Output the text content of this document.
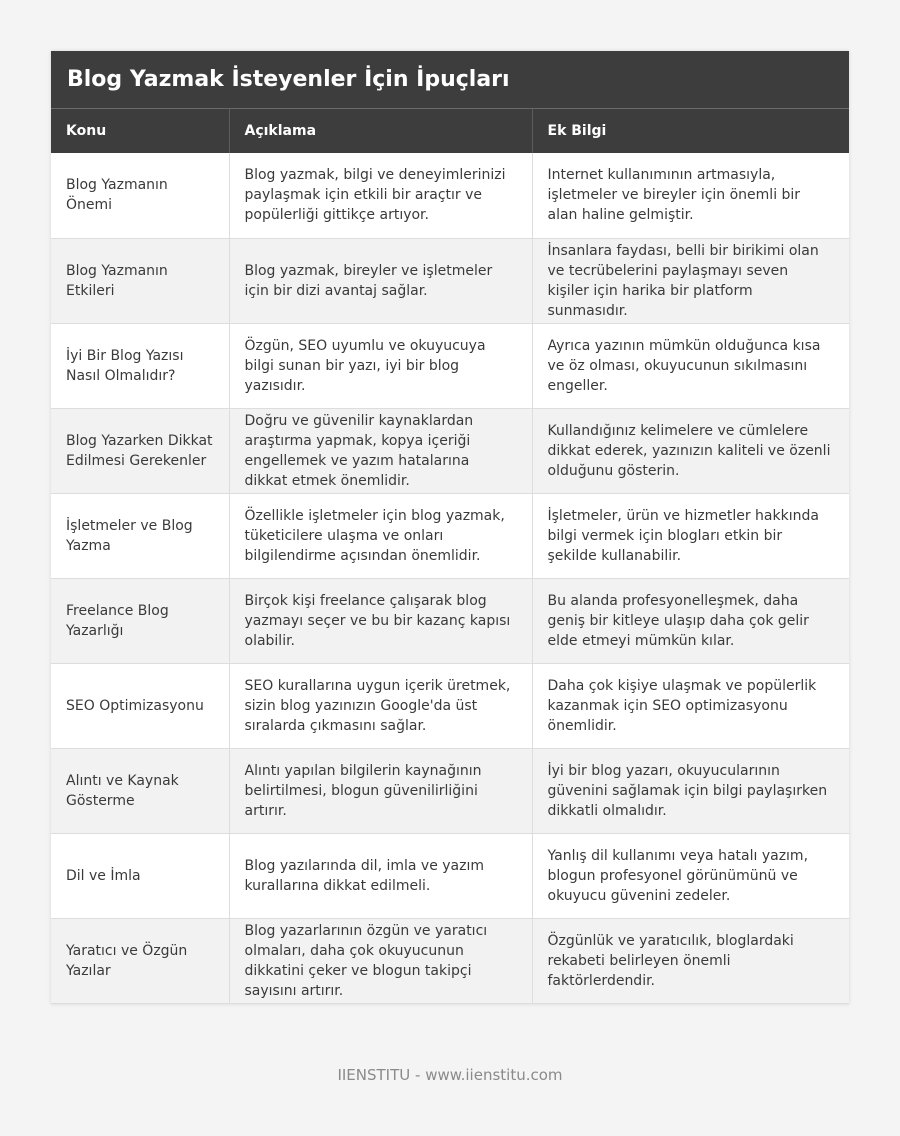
Blog Yazmak İsteyenler İçin İpuçları
Konu	Açıklama	Ek Bilgi
Blog Yazmanın Önemi	Blog yazmak, bilgi ve deneyimlerinizi paylaşmak için etkili bir araçtır ve popülerliği gittikçe artıyor.	Internet kullanımının artmasıyla, işletmeler ve bireyler için önemli bir alan haline gelmiştir.
Blog Yazmanın Etkileri	Blog yazmak, bireyler ve işletmeler için bir dizi avantaj sağlar.	İnsanlara faydası, belli bir birikimi olan ve tecrübelerini paylaşmayı seven kişiler için harika bir platform sunmasıdır.
İyi Bir Blog Yazısı Nasıl Olmalıdır?	Özgün, SEO uyumlu ve okuyucuya bilgi sunan bir yazı, iyi bir blog yazısıdır.	Ayrıca yazının mümkün olduğunca kısa ve öz olması, okuyucunun sıkılmasını engeller.
Blog Yazarken Dikkat Edilmesi Gerekenler	Doğru ve güvenilir kaynaklardan araştırma yapmak, kopya içeriği engellemek ve yazım hatalarına dikkat etmek önemlidir.	Kullandığınız kelimelere ve cümlelere dikkat ederek, yazınızın kaliteli ve özenli olduğunu gösterin.
İşletmeler ve Blog Yazma	Özellikle işletmeler için blog yazmak, tüketicilere ulaşma ve onları bilgilendirme açısından önemlidir.	İşletmeler, ürün ve hizmetler hakkında bilgi vermek için blogları etkin bir şekilde kullanabilir.
Freelance Blog Yazarlığı	Birçok kişi freelance çalışarak blog yazmayı seçer ve bu bir kazanç kapısı olabilir.	Bu alanda profesyonelleşmek, daha geniş bir kitleye ulaşıp daha çok gelir elde etmeyi mümkün kılar.
SEO Optimizasyonu	SEO kurallarına uygun içerik üretmek, sizin blog yazınızın Google'da üst sıralarda çıkmasını sağlar.	Daha çok kişiye ulaşmak ve popülerlik kazanmak için SEO optimizasyonu önemlidir.
Alıntı ve Kaynak Gösterme	Alıntı yapılan bilgilerin kaynağının belirtilmesi, blogun güvenilirliğini artırır.	İyi bir blog yazarı, okuyucularının güvenini sağlamak için bilgi paylaşırken dikkatli olmalıdır.
Dil ve İmla	Blog yazılarında dil, imla ve yazım kurallarına dikkat edilmeli.	Yanlış dil kullanımı veya hatalı yazım, blogun profesyonel görünümünü ve okuyucu güvenini zedeler.
Yaratıcı ve Özgün Yazılar	Blog yazarlarının özgün ve yaratıcı olmaları, daha çok okuyucunun dikkatini çeker ve blogun takipçi sayısını artırır.	Özgünlük ve yaratıcılık, bloglardaki rekabeti belirleyen önemli faktörlerdendir.
IIENSTITU - www.iienstitu.com
